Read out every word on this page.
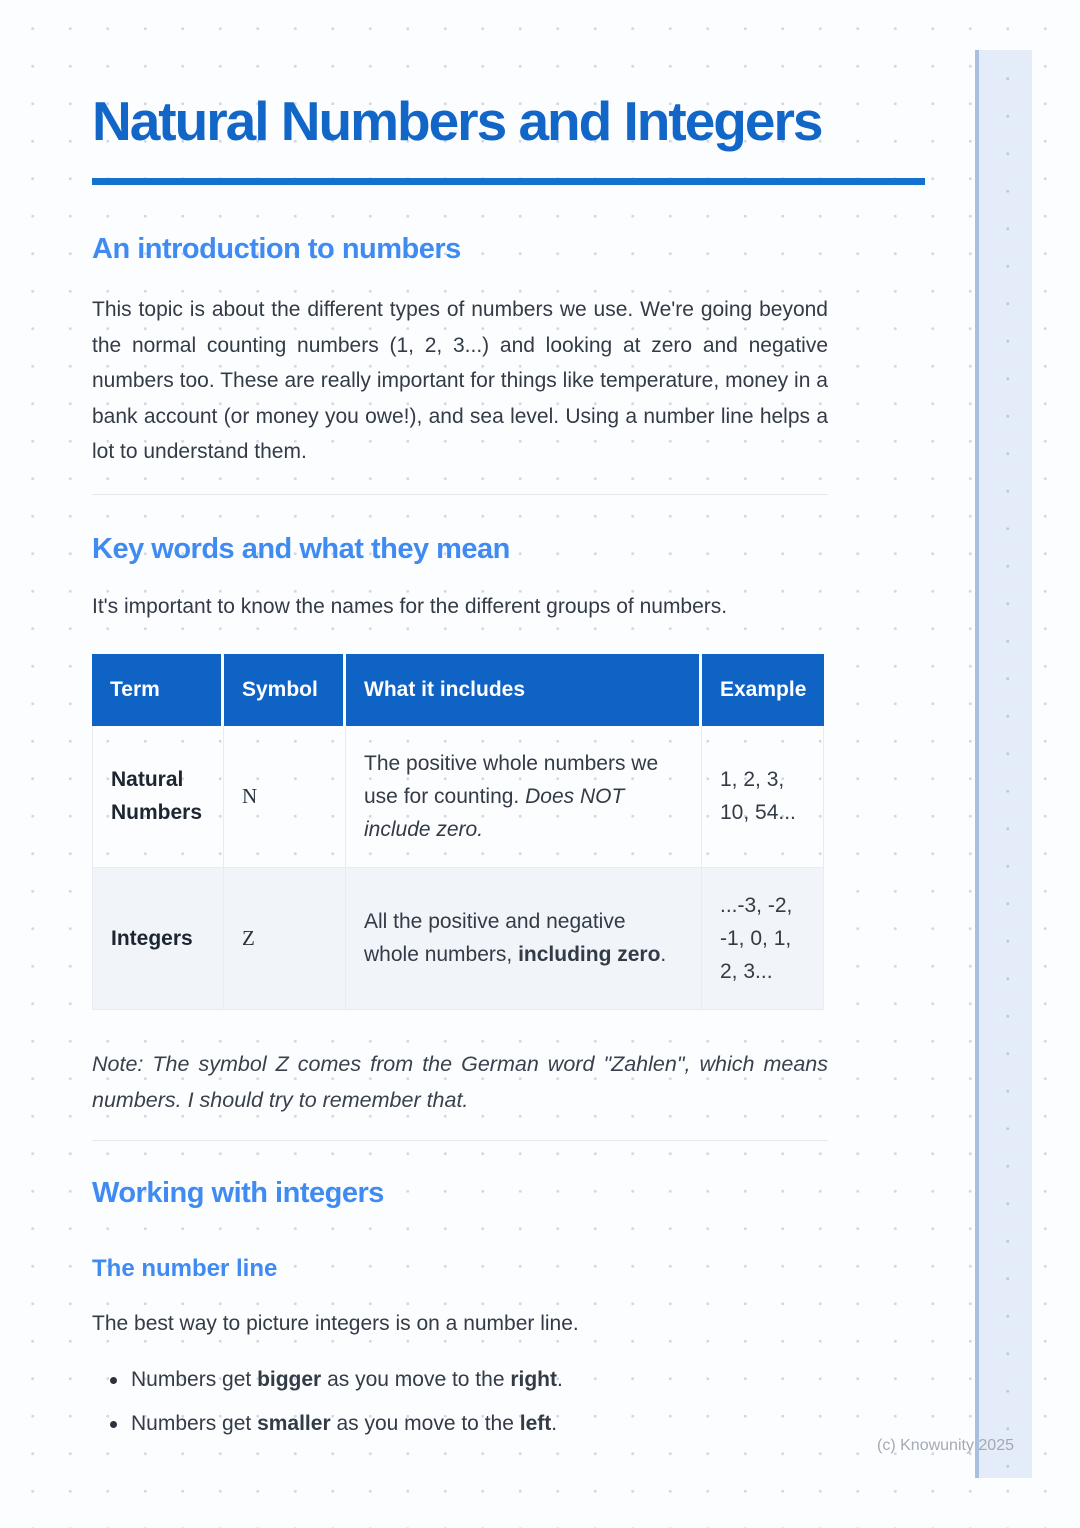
Natural Numbers and Integers
An introduction to numbers

This topic is about the different types of numbers we use. We're going beyond the normal counting numbers (1, 2, 3...) and looking at zero and negative numbers too. These are really important for things like temperature, money in a bank account (or money you owe!), and sea level. Using a number line helps a lot to understand them.

Key words and what they mean

It's important to know the names for the different groups of numbers.

Term	Symbol	What it includes	Example
Natural Numbers	N	The positive whole numbers we use for counting. Does NOT include zero.	1, 2, 3, 10, 54...
Integers	Z	All the positive and negative whole numbers, including zero.	...-3, -2, -1, 0, 1, 2, 3...

Note: The symbol Z comes from the German word "Zahlen", which means numbers. I should try to remember that.

Working with integers
The number line

The best way to picture integers is on a number line.

Numbers get bigger as you move to the right.
Numbers get smaller as you move to the left.
(c) Knowunity 2025
